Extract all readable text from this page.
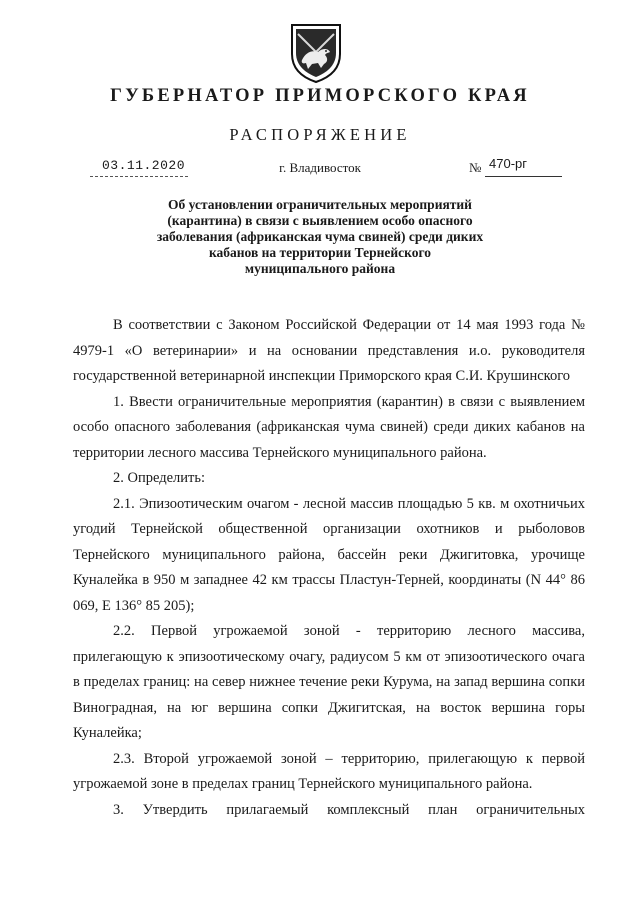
ГУБЕРНАТОР ПРИМОРСКОГО КРАЯ
РАСПОРЯЖЕНИЕ
03.11.2020	г. Владивосток	№ 470-рг
Об установлении ограничительных мероприятий
(карантина) в связи с выявлением особо опасного
заболевания (африканская чума свиней) среди диких
кабанов на территории Тернейского
муниципального района

В соответствии с Законом Российской Федерации от 14 мая 1993 года № 4979-1 «О ветеринарии» и на основании представления и.о. руководителя государственной ветеринарной инспекции Приморского края С.И. Крушинского

1. Ввести ограничительные мероприятия (карантин) в связи с выявлением особо опасного заболевания (африканская чума свиней) среди диких кабанов на территории лесного массива Тернейского муниципального района.

2. Определить:

2.1. Эпизоотическим очагом - лесной массив площадью 5 кв. м охотничьих угодий Тернейской общественной организации охотников и рыболовов Тернейского муниципального района, бассейн реки Джигитовка, урочище Куналейка в 950 м западнее 42 км трассы Пластун-Терней, координаты (N 44° 86 069, E 136° 85 205);

2.2. Первой угрожаемой зоной - территорию лесного массива, прилегающую к эпизоотическому очагу, радиусом 5 км от эпизоотического очага в пределах границ: на север нижнее течение реки Курума, на запад вершина сопки Виноградная, на юг вершина сопки Джигитская, на восток вершина горы Куналейка;

2.3. Второй угрожаемой зоной – территорию, прилегающую к первой угрожаемой зоне в пределах границ Тернейского муниципального района.

3. Утвердить прилагаемый комплексный план ограничительных
